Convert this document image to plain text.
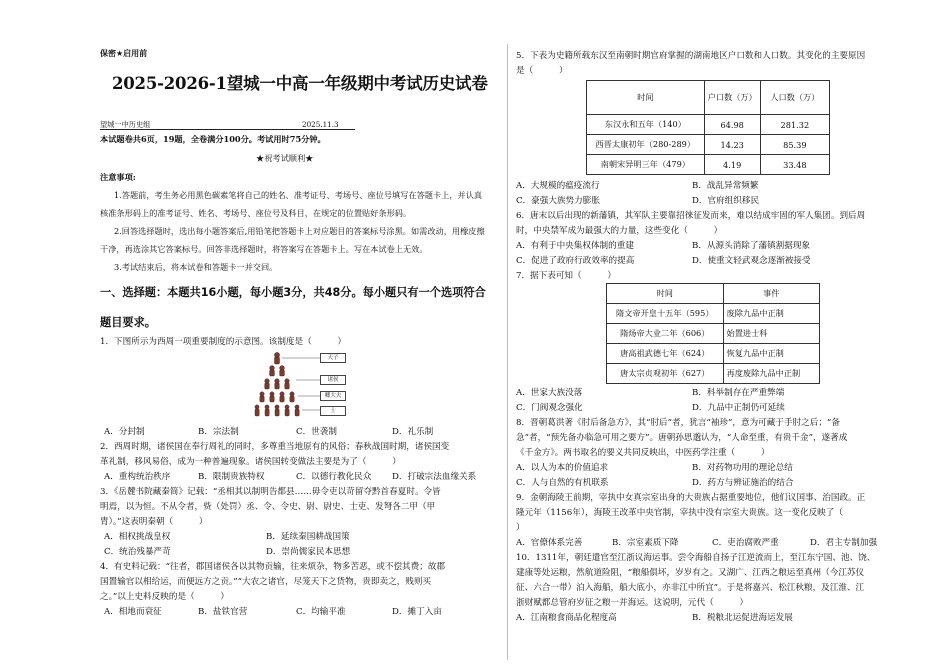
保密★启用前
2025-2026-1望城一中高一年级期中考试历史试卷
望城一中历史组	2025.11.3
本试题卷共6页，19题，全卷满分100分。考试用时75分钟。
★祝考试顺利★
注意事项:
1.答题前，考生务必用黑色碳素笔将自己的姓名、准考证号、考场号、座位号填写在答题卡上，并认真
核准条形码上的准考证号、姓名、考场号、座位号及科目，在规定的位置贴好条形码。
2.回答选择题时，选出每小题答案后,用铅笔把答题卡上对应题目的答案标号涂黑。如需改动，用橡皮擦
干净，再选涂其它答案标号。回答非选择题时，将答案写在答题卡上。写在本试卷上无效。
3.考试结束后，将本试卷和答题卡一并交回。
一、选择题：本题共16小题，每小题3分，共48分。每小题只有一个选项符合
题目要求。
1．下图所示为西周一项重要制度的示意图。该制度是（　　　）
天子
诸侯
卿大夫
士
A．分封制	B．宗法制	C．世袭制	D．礼乐制
2．西周时期，诸侯国在奉行周礼的同时，多尊重当地原有的风俗；春秋战国时期，诸侯国变
革礼制，移风易俗，成为一种普遍现象。诸侯国转变做法主要是为了（　　　）
A．重构统治秩序	B．限制贵族特权	C．以德行教化民众 D．打破宗法血缘关系
3．《岳麓书院藏秦简》记载：“丞相其以制明告都县……毋令吏以苛留夺黔首春夏时。令皆
明焉，以为恒。不从令者，赀（处罚）丞、令、令史、尉、尉史、士吏、发弩各二甲（甲
胄）。”这表明秦朝（　　　）
A．相权挑战皇权	B．延续秦国耕战国策
C．统治残暴严苛	D．崇尚儒家民本思想
4．有史料记载：“往者，郡国诸侯各以其物贡输，往来烦杂，物多苦恶，或不偿其费；故郡
国置输官以相给运，而便远方之贡。”“大农之诸官，尽笼天下之货物，贵即卖之，贱则买
之。”以上史料反映的是（　　　）
A．相地而衰征	B．盐铁官营	C．均输平准	D．摊丁入亩
5．下表为史籍所载东汉至南朝时期官府掌握的湖南地区户口数和人口数。其变化的主要原因
是（　　　）
时间	户口数（万）	人口数（万）
东汉永和五年（140）	64.98	281.32
西晋太康初年（280-289）	14.23	85.39
南朝宋异明三年（479）	4.19	33.48
A．大规模的瘟疫流行	B．战乱异常频繁
C．豪强大族势力膨胀	D．官府组织移民
6．唐末以后出现的新藩镇，其军队主要靠招徕征发而来，难以结成牢固的军人集团。到后周
时，中央禁军成为最强大的力量，这些变化（　　　）
A．有利于中央集权体制的重建	B．从源头消除了藩镇割据现象
C．促进了政府行政效率的提高	D．使重文轻武观念逐渐被接受
7．据下表可知（　　　）
时间	事件
隋文帝开皇十五年（595）	废除九品中正制
隋炀帝大业二年（606）	始置进士科
唐高祖武德七年（624）	恢复九品中正制
唐太宗贞观初年（627）	再度废除九品中正制
A．世家大族没落	B．科举制存在严重弊端
C．门阀观念强化	D．九品中正制仍可延续
8．晋朝葛洪著《肘后备急方》，其“肘后”者，犹言“袖珍”，意为可藏于手肘之后；“备
急”者，“预先备办临急可用之要方”。唐朝孙思邈认为，“人命至重，有贵千金”，遂著成
《千金方》。两书取名的要义共同反映出，中医药学注重（　　　）
A．以人为本的价值追求	B．对药物功用的理论总结
C．人与自然的有机联系	D．药方与辨证施治的结合
9．金朝海陵王前期，宰执中女真宗室出身的大贵族占据重要地位，他们议国事、治国政。正
隆元年（1156年），海陵王改革中央官制，宰执中没有宗室大贵族。这一变化反映了（
）
A．官僚体系完善	B．宗室素质下降	C．吏治腐败严重	D．君主专制加强
10．1311年，朝廷遣官至江浙议海运事。尝令海船自扬子江逆流而上，至江东宁国、池、饶、
建康等处运粮，然航道险阻，“粮船俱坏，岁岁有之。又湖广、江西之粮运至真州（今江苏仪
征、六合一带）泊入海船，船大底小，亦非江中所宜”。于是将嘉兴、松江秋粮，及江淮、江
浙财赋都总管府岁征之粮一并海运。这说明，元代（　　　）
A．江南粮食商品化程度高	B．税粮北运促进海运发展
